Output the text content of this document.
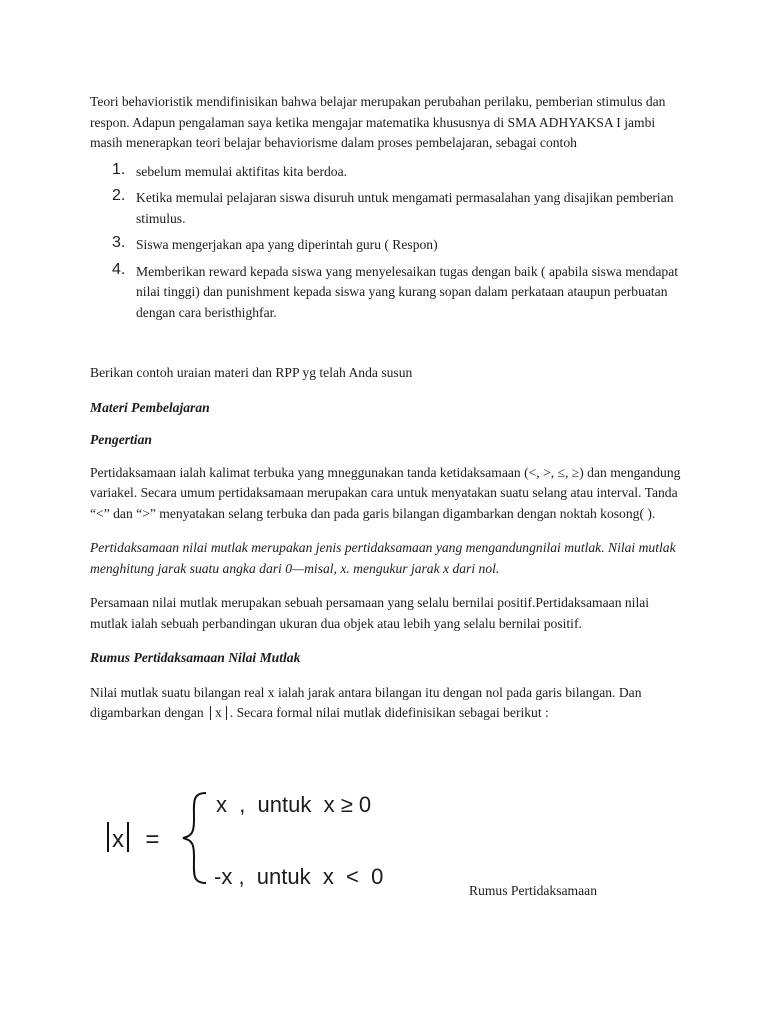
Teori behavioristik mendifinisikan bahwa belajar merupakan perubahan perilaku, pemberian stimulus dan respon. Adapun pengalaman saya ketika mengajar matematika khususnya di SMA ADHYAKSA I jambi masih menerapkan teori belajar behaviorisme dalam proses pembelajaran, sebagai contoh

1. sebelum memulai aktifitas kita berdoa.
2. Ketika memulai pelajaran siswa disuruh untuk mengamati permasalahan yang disajikan pemberian stimulus.
3. Siswa mengerjakan apa yang diperintah guru ( Respon)
4. Memberikan reward kepada siswa yang menyelesaikan tugas dengan baik ( apabila siswa mendapat nilai tinggi) dan punishment kepada siswa yang kurang sopan dalam perkataan ataupun perbuatan dengan cara beristhighfar.

Berikan contoh uraian materi dan RPP yg telah Anda susun

Materi Pembelajaran

Pengertian

Pertidaksamaan ialah kalimat terbuka yang mneggunakan tanda ketidaksamaan (<, >, ≤, ≥) dan mengandung variakel. Secara umum pertidaksamaan merupakan cara untuk menyatakan suatu selang atau interval. Tanda “<” dan “>” menyatakan selang terbuka dan pada garis bilangan digambarkan dengan noktah kosong( ).

Pertidaksamaan nilai mutlak merupakan jenis pertidaksamaan yang mengandungnilai mutlak. Nilai mutlak menghitung jarak suatu angka dari 0—misal, x. mengukur jarak x dari nol.

Persamaan nilai mutlak merupakan sebuah persamaan yang selalu bernilai positif.Pertidaksamaan nilai mutlak ialah sebuah perbandingan ukuran dua objek atau lebih yang selalu bernilai positif.

Rumus Pertidaksamaan Nilai Mutlak

Nilai mutlak suatu bilangan real x ialah jarak antara bilangan itu dengan nol pada garis bilangan. Dan digambarkan dengan x . Secara formal nilai mutlak didefinisikan sebagai berikut :

x =
x  ,  untuk  x ≥ 0
-x ,  untuk  x  <  0
Rumus Pertidaksamaan
